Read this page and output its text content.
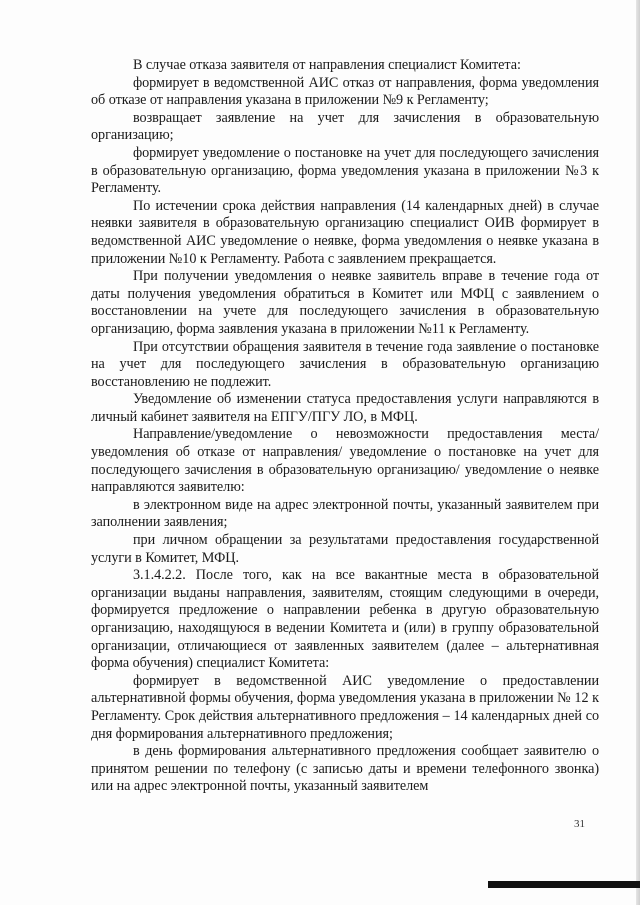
В случае отказа заявителя от направления специалист Комитета:

формирует в ведомственной АИС отказ от направления, форма уведомления об отказе от направления указана в приложении №9 к Регламенту;

возвращает заявление на учет для зачисления в образовательную организацию;

формирует уведомление о постановке на учет для последующего зачисления в образовательную организацию, форма уведомления указана в приложении №3 к Регламенту.

По истечении срока действия направления (14 календарных дней) в случае неявки заявителя в образовательную организацию специалист ОИВ формирует в ведомственной АИС уведомление о неявке, форма уведомления о неявке указана в приложении №10 к Регламенту. Работа с заявлением прекращается.

При получении уведомления о неявке заявитель вправе в течение года от даты получения уведомления обратиться в Комитет или МФЦ с заявлением о восстановлении на учете для последующего зачисления в образовательную организацию, форма заявления указана в приложении №11 к Регламенту.

При отсутствии обращения заявителя в течение года заявление о постановке на учет для последующего зачисления в образовательную организацию восстановлению не подлежит.

Уведомление об изменении статуса предоставления услуги направляются в личный кабинет заявителя на ЕПГУ/ПГУ ЛО, в МФЦ.

Направление/уведомление о невозможности предоставления места/ уведомления об отказе от направления/ уведомление о постановке на учет для последующего зачисления в образовательную организацию/ уведомление о неявке направляются заявителю:

в электронном виде на адрес электронной почты, указанный заявителем при заполнении заявления;

при личном обращении за результатами предоставления государственной услуги в Комитет, МФЦ.

3.1.4.2.2. После того, как на все вакантные места в образовательной организации выданы направления, заявителям, стоящим следующими в очереди, формируется предложение о направлении ребенка в другую образовательную организацию, находящуюся в ведении Комитета и (или) в группу образовательной организации, отличающиеся от заявленных заявителем (далее – альтернативная форма обучения) специалист Комитета:

формирует в ведомственной АИС уведомление о предоставлении альтернативной формы обучения, форма уведомления указана в приложении № 12 к Регламенту. Срок действия альтернативного предложения – 14 календарных дней со дня формирования альтернативного предложения;

в день формирования альтернативного предложения сообщает заявителю о принятом решении по телефону (с записью даты и времени телефонного звонка) или на адрес электронной почты, указанный заявителем

31
